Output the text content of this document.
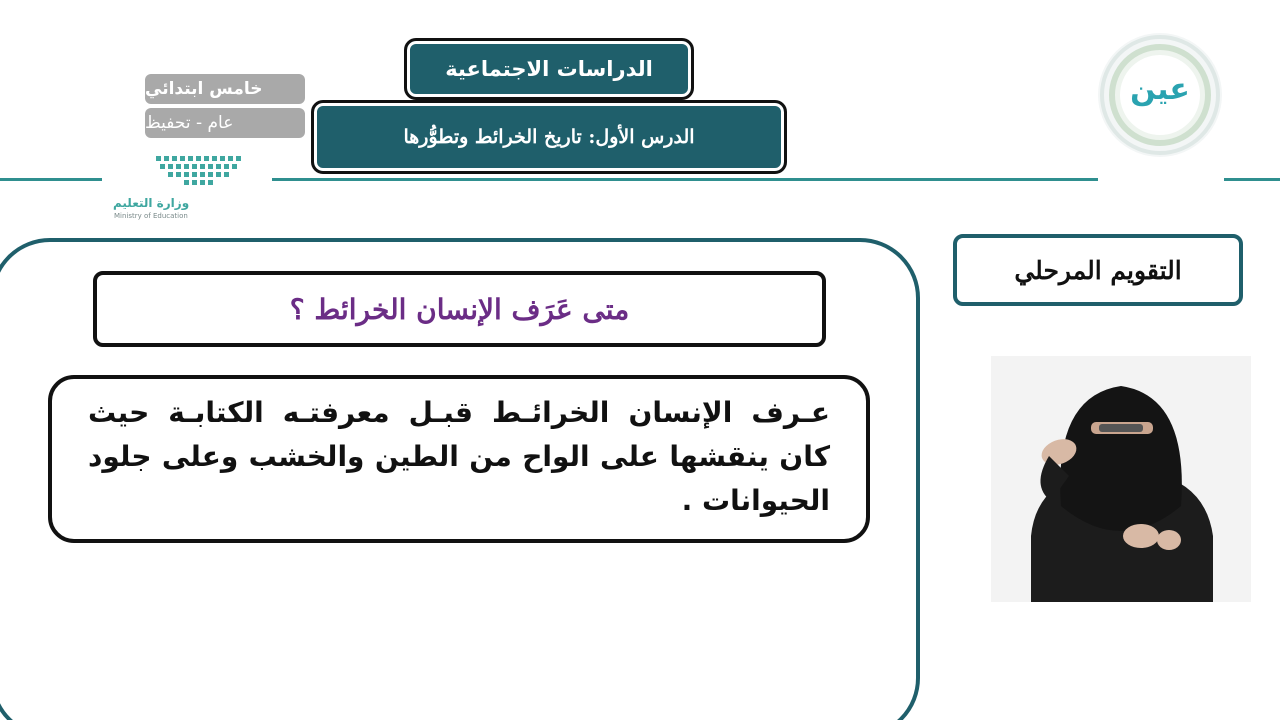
عين
الدراسات الاجتماعية
الدرس الأول: تاريخ الخرائط وتطوُّرها
خامس ابتدائي
عام - تحفيظ
وزارة التعليم
Ministry of Education
التقويم المرحلي
متى عَرَف الإنسان الخرائط ؟
عـرف الإنسان الخرائـط قبـل معرفتـه الكتابـة حيث كان ينقشها على الواح من الطين والخشب وعلى جلود الحيوانات .
